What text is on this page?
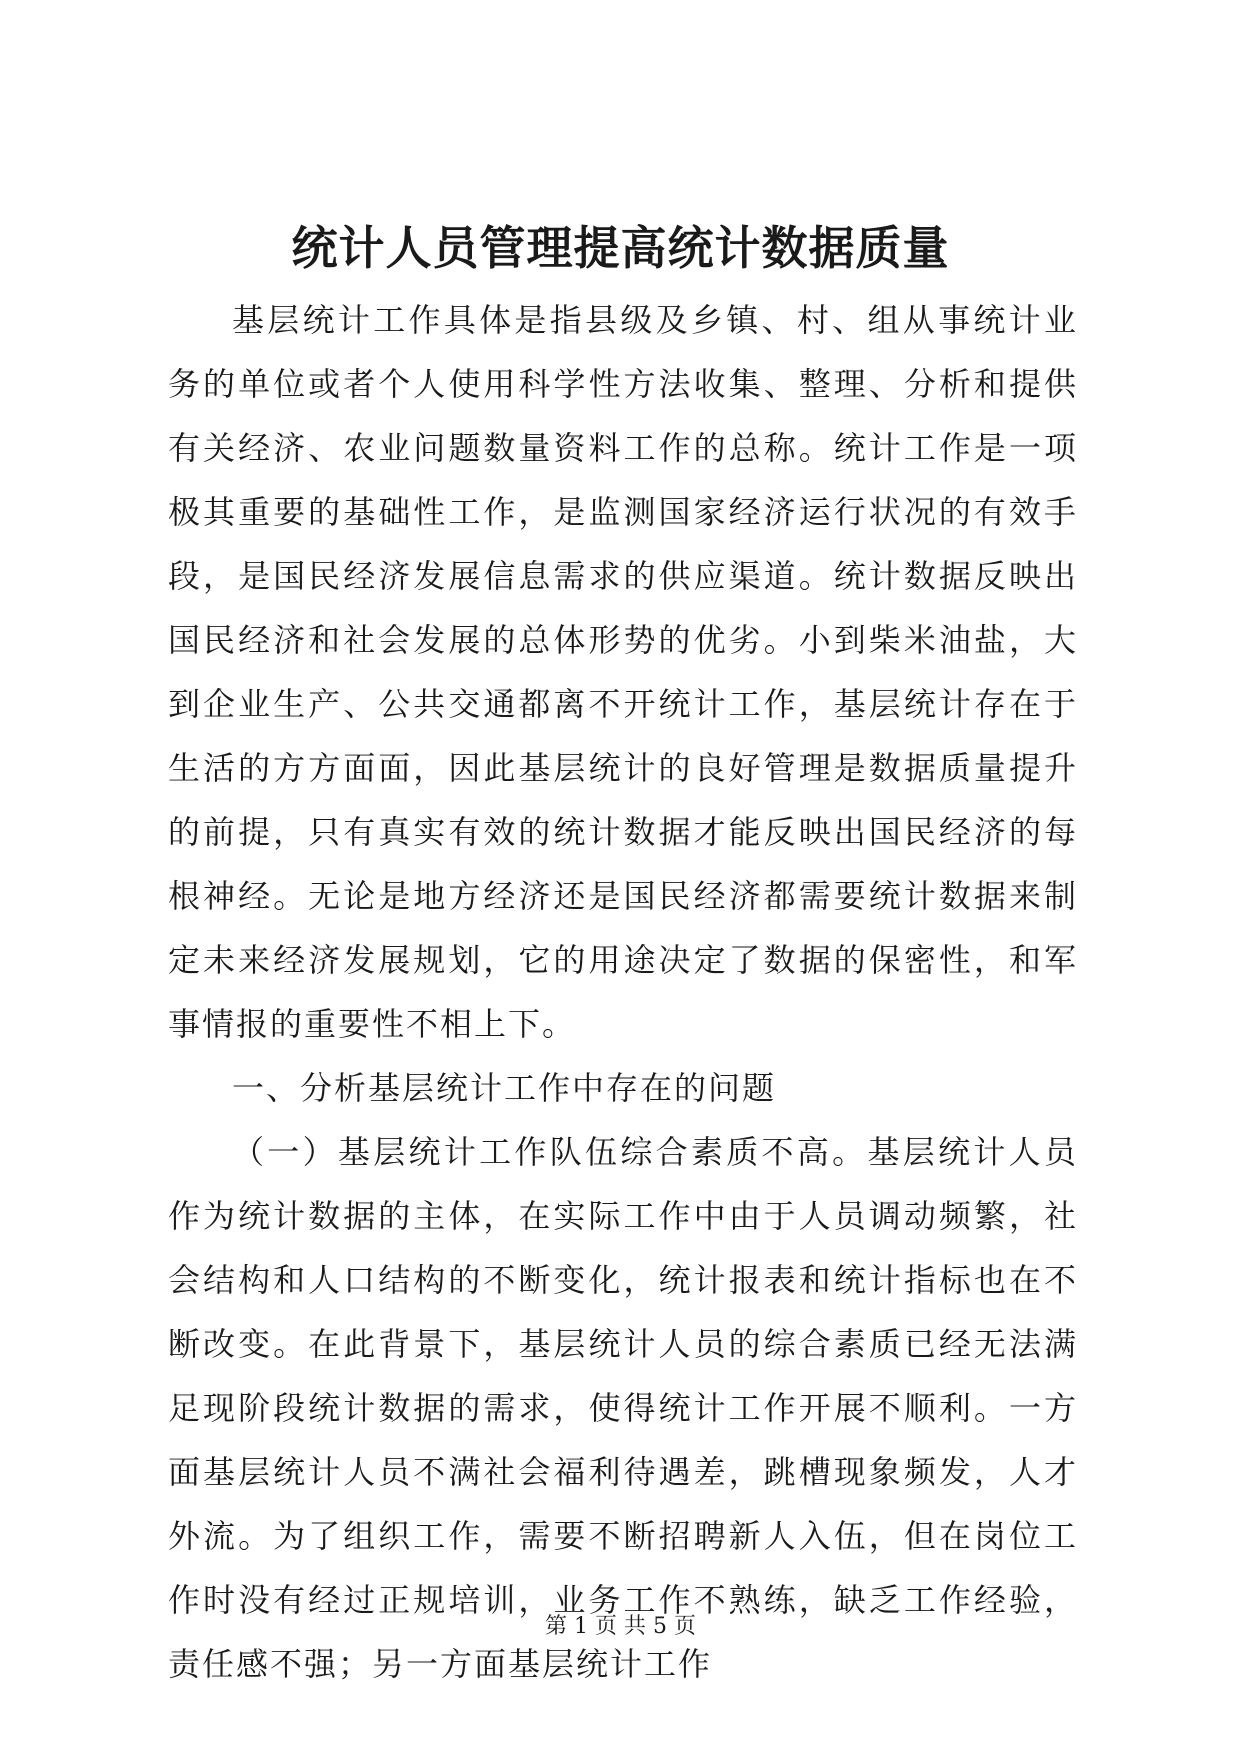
统计人员管理提高统计数据质量

基层统计工作具体是指县级及乡镇、村、组从事统计业务的单位或者个人使用科学性方法收集、整理、分析和提供有关经济、农业问题数量资料工作的总称。统计工作是一项极其重要的基础性工作，是监测国家经济运行状况的有效手段，是国民经济发展信息需求的供应渠道。统计数据反映出国民经济和社会发展的总体形势的优劣。小到柴米油盐，大到企业生产、公共交通都离不开统计工作，基层统计存在于生活的方方面面，因此基层统计的良好管理是数据质量提升的前提，只有真实有效的统计数据才能反映出国民经济的每根神经。无论是地方经济还是国民经济都需要统计数据来制定未来经济发展规划，它的用途决定了数据的保密性，和军事情报的重要性不相上下。

一、分析基层统计工作中存在的问题

（一）基层统计工作队伍综合素质不高。基层统计人员作为统计数据的主体，在实际工作中由于人员调动频繁，社会结构和人口结构的不断变化，统计报表和统计指标也在不断改变。在此背景下，基层统计人员的综合素质已经无法满足现阶段统计数据的需求，使得统计工作开展不顺利。一方面基层统计人员不满社会福利待遇差，跳槽现象频发，人才外流。为了组织工作，需要不断招聘新人入伍，但在岗位工作时没有经过正规培训，业务工作不熟练，缺乏工作经验，责任感不强；另一方面基层统计工作

第 1 页 共 5 页
